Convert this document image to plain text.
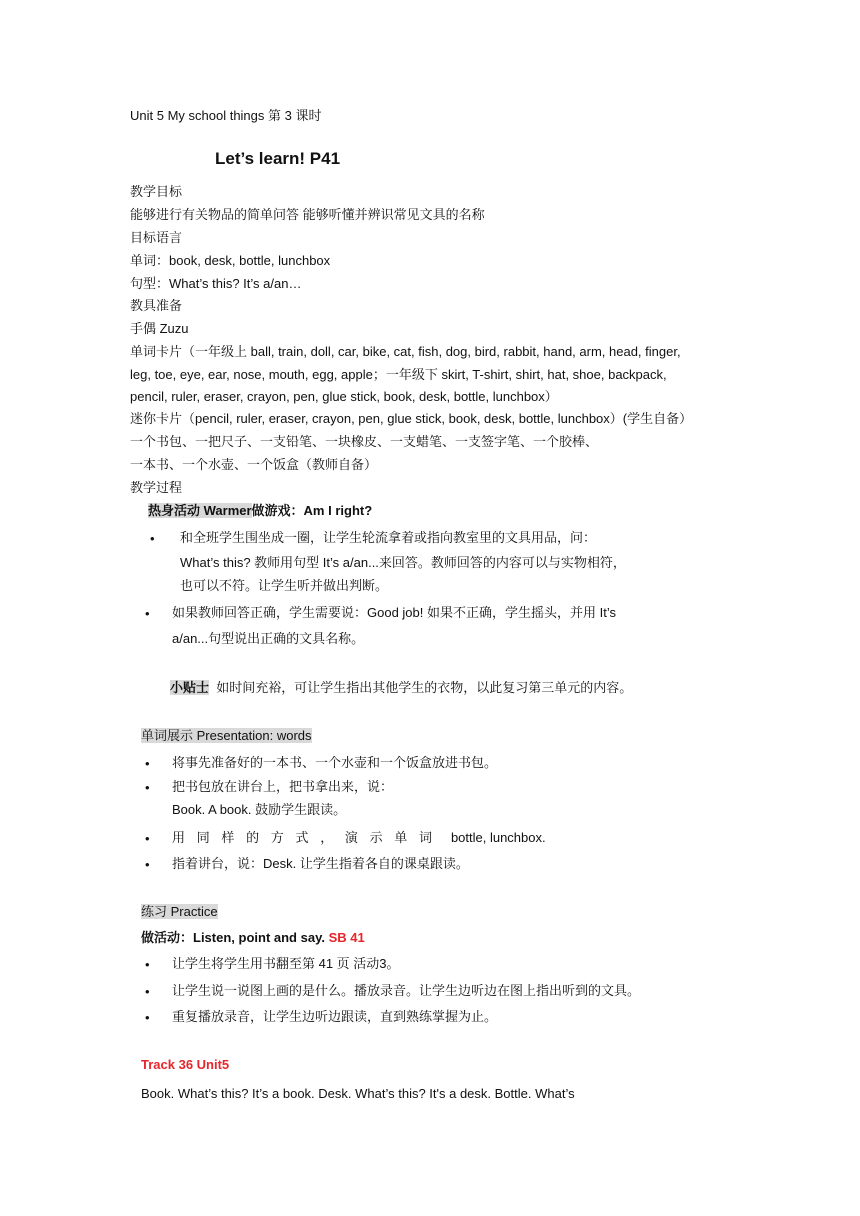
Unit 5 My school things 第 3 课时
Let’s learn! P41
教学目标
能够进行有关物品的简单问答 能够听懂并辨识常见文具的名称
目标语言
单词：book, desk, bottle, lunchbox
句型：What’s this? It’s a/an…
教具准备
手偶 Zuzu
单词卡片（一年级上 ball, train, doll, car, bike, cat, fish, dog, bird, rabbit, hand, arm, head, finger,
leg, toe, eye, ear, nose, mouth, egg, apple；一年级下 skirt, T-shirt, shirt, hat, shoe, backpack,
pencil, ruler, eraser, crayon, pen, glue stick, book, desk, bottle, lunchbox）
迷你卡片（pencil, ruler, eraser, crayon, pen, glue stick, book, desk, bottle, lunchbox）(学生自备）
一个书包、一把尺子、一支铅笔、一块橡皮、一支蜡笔、一支签字笔、一个胶棒、
一本书、一个水壶、一个饭盒（教师自备）
教学过程
热身活动 Warmer做游戏：Am I right?
•	和全班学生围坐成一圈，让学生轮流拿着或指向教室里的文具用品，问：
What’s this? 教师用句型 It’s a/an...来回答。教师回答的内容可以与实物相符，
也可以不符。让学生听并做出判断。
•	如果教师回答正确，学生需要说：Good job! 如果不正确，学生摇头，并用 It’s
a/an...句型说出正确的文具名称。
小贴士 如时间充裕，可让学生指出其他学生的衣物，以此复习第三单元的内容。
单词展示 Presentation: words
•	将事先准备好的一本书、一个水壶和一个饭盒放进书包。
•	把书包放在讲台上，把书拿出来，说：
Book. A book. 鼓励学生跟读。
•	用同样的方式，演示单词 bottle, lunchbox.
•	指着讲台，说：Desk. 让学生指着各自的课桌跟读。
练习 Practice
做活动：Listen, point and say. SB 41
•	让学生将学生用书翻至第 41 页 活动3。
•	让学生说一说图上画的是什么。播放录音。让学生边听边在图上指出听到的文具。
•	重复播放录音，让学生边听边跟读，直到熟练掌握为止。
Track 36 Unit5
Book. What’s this? It’s a book. Desk. What’s this? It's a desk. Bottle. What’s
